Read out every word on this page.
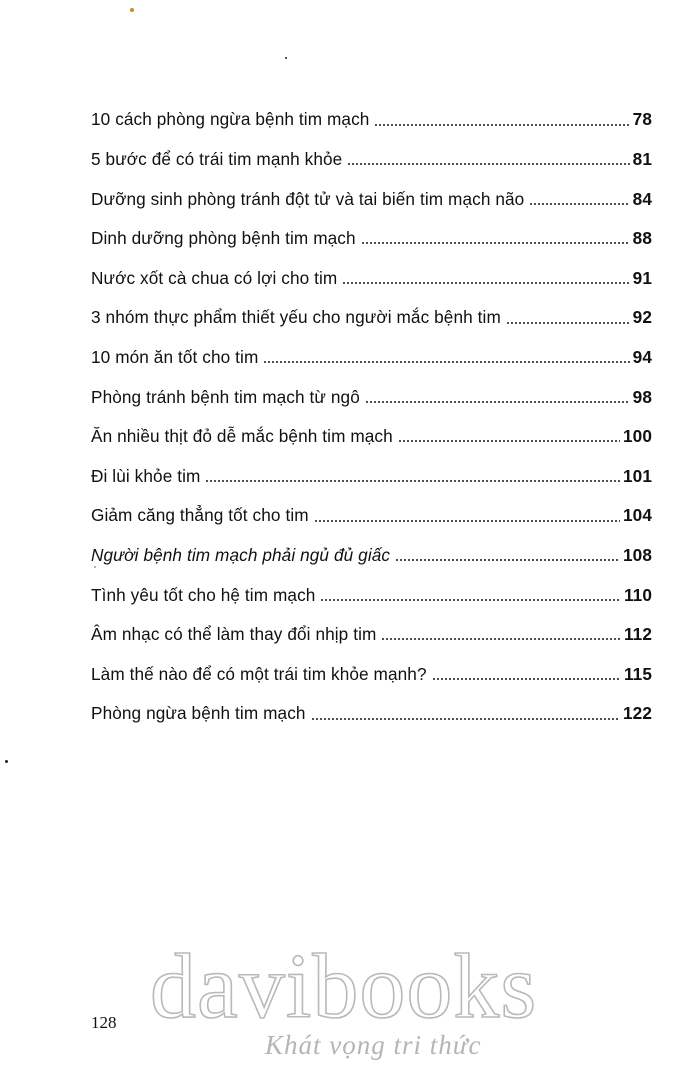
10 cách phòng ngừa bệnh tim mạch	78
5 bước để có trái tim mạnh khỏe	81
Dưỡng sinh phòng tránh đột tử và tai biến tim mạch não	84
Dinh dưỡng phòng bệnh tim mạch	88
Nước xốt cà chua có lợi cho tim	91
3 nhóm thực phẩm thiết yếu cho người mắc bệnh tim	92
10 món ăn tốt cho tim	94
Phòng tránh bệnh tim mạch từ ngô	98
Ăn nhiều thịt đỏ dễ mắc bệnh tim mạch	100
Đi lùi khỏe tim	101
Giảm căng thẳng tốt cho tim	104
Người bệnh tim mạch phải ngủ đủ giấc	108
Tình yêu tốt cho hệ tim mạch	110
Âm nhạc có thể làm thay đổi nhịp tim	112
Làm thế nào để có một trái tim khỏe mạnh?	115
Phòng ngừa bệnh tim mạch	122
128 davibooks
Khát vọng tri thức
